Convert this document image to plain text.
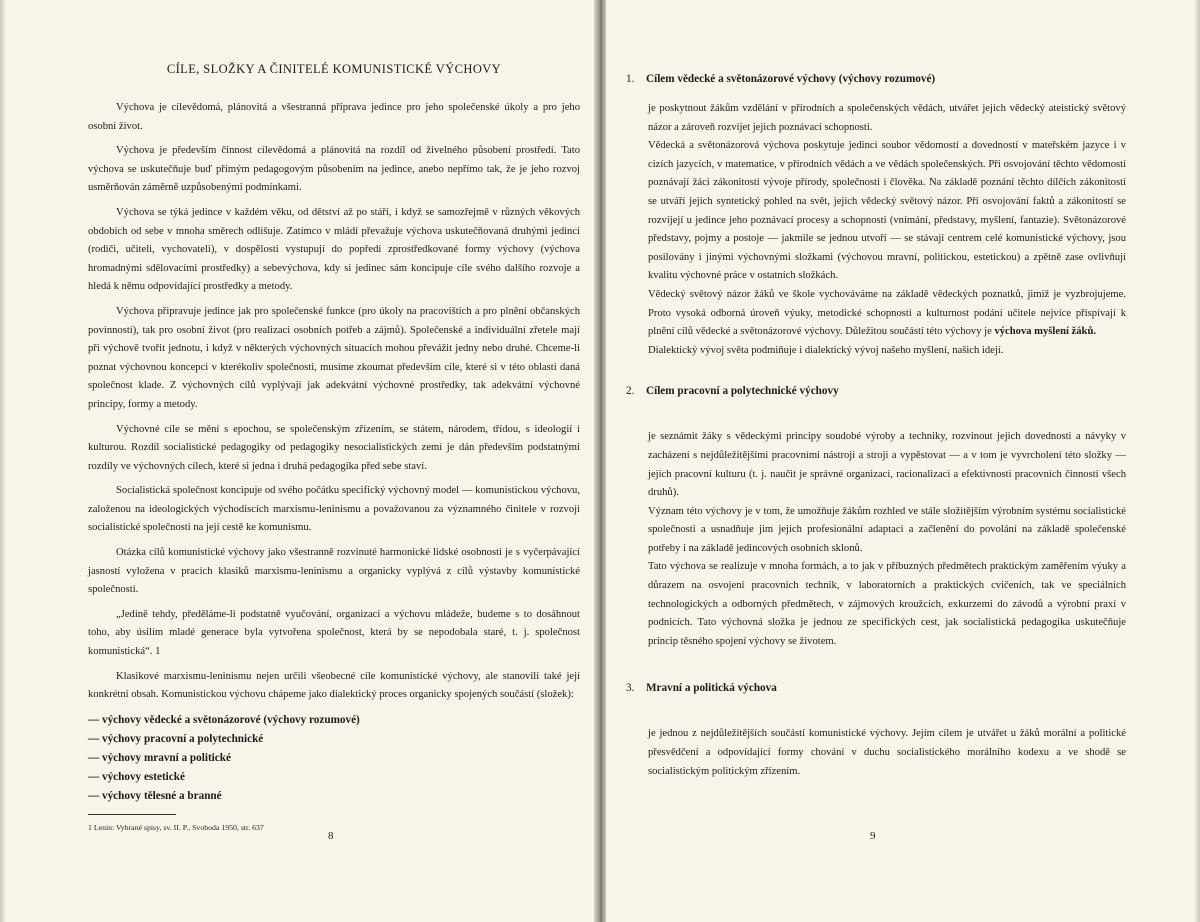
CÍLE, SLOŽKY A ČINITELÉ KOMUNISTICKÉ VÝCHOVY

Výchova je cílevědomá, plánovitá a všestranná příprava jedince pro jeho společenské úkoly a pro jeho osobní život.

Výchova je především činnost cílevědomá a plánovitá na rozdíl od živelného působení prostředí. Tato výchova se uskutečňuje buď přímým pedagogovým působením na jedince, anebo nepřímo tak, že je jeho rozvoj usměrňován záměrně uzpůsobenými podmínkami.

Výchova se týká jedince v každém věku, od dětství až po stáří, i když se samozřejmě v různých věkových obdobích od sebe v mnoha směrech odlišuje. Zatímco v mládí převažuje výchova uskutečňovaná druhými jedinci (rodiči, učiteli, vychovateli), v dospělosti vystupují do popředí zprostředkované formy výchovy (výchova hromadnými sdělovacími prostředky) a sebevýchova, kdy si jedinec sám koncipuje cíle svého dalšího rozvoje a hledá k němu odpovídající prostředky a metody.

Výchova připravuje jedince jak pro společenské funkce (pro úkoly na pracovištích a pro plnění občanských povinností), tak pro osobní život (pro realizaci osobních potřeb a zájmů). Společenské a individuální zřetele mají při výchově tvořit jednotu, i když v některých výchovných situacích mohou převážit jedny nebo druhé. Chceme-li poznat výchovnou koncepci v kterékoliv společnosti, musíme zkoumat především cíle, které si v této oblasti daná společnost klade. Z výchovných cílů vyplývají jak adekvátní výchovné prostředky, tak adekvátní výchovné principy, formy a metody.

Výchovné cíle se mění s epochou, se společenským zřízením, se státem, národem, třídou, s ideologií i kulturou. Rozdíl socialistické pedagogiky od pedagogiky nesocialistických zemí je dán především podstatnými rozdíly ve výchovných cílech, které si jedna i druhá pedagogika před sebe staví.

Socialistická společnost koncipuje od svého počátku specifický výchovný model — komunistickou výchovu, založenou na ideologických východiscích marxismu-leninismu a považovanou za významného činitele v rozvoji socialistické společnosti na její cestě ke komunismu.

Otázka cílů komunistické výchovy jako všestranně rozvinuté harmonické lidské osobnosti je s vyčerpávající jasností vyložena v pracích klasiků marxismu-leninismu a organicky vyplývá z cílů výstavby komunistické společnosti.

„Jedině tehdy, předěláme-li podstatně vyučování, organizaci a výchovu mládeže, budeme s to dosáhnout toho, aby úsilím mladé generace byla vytvořena společnost, která by se nepodobala staré, t. j. společnost komunistická“. 1

Klasikové marxismu-leninismu nejen určili všeobecné cíle komunistické výchovy, ale stanovili také její konkrétní obsah. Komunistickou výchovu chápeme jako dialektický proces organicky spojených součástí (složek):

— výchovy vědecké a světonázorové (výchovy rozumové)
— výchovy pracovní a polytechnické
— výchovy mravní a politické
— výchovy estetické
— výchovy tělesné a branné
1 Lenin: Vybrané spisy, sv. II. P., Svoboda 1950, str. 637
8
1. Cílem vědecké a světonázorové výchovy (výchovy rozumové)

je poskytnout žákům vzdělání v přírodních a společenských vědách, utvářet jejich vědecký ateistický světový názor a zároveň rozvíjet jejich poznávací schopnosti.

Vědecká a světonázorová výchova poskytuje jedinci soubor vědomostí a dovedností v mateřském jazyce i v cizích jazycích, v matematice, v přírodních vědách a ve vědách společenských. Při osvojování těchto vědomostí poznávají žáci zákonitosti vývoje přírody, společnosti i člověka. Na základě poznání těchto dílčích zákonitostí se utváří jejich syntetický pohled na svět, jejich vědecký světový názor. Při osvojování faktů a zákonitostí se rozvíjejí u jedince jeho poznávací procesy a schopnosti (vnímání, představy, myšlení, fantazie). Světonázorové představy, pojmy a postoje — jakmile se jednou utvoří — se stávají centrem celé komunistické výchovy, jsou posilovány i jinými výchovnými složkami (výchovou mravní, politickou, estetickou) a zpětně zase ovlivňují kvalitu výchovné práce v ostatních složkách.

Vědecký světový názor žáků ve škole vychováváme na základě vědeckých poznatků, jimiž je vyzbrojujeme. Proto vysoká odborná úroveň výuky, metodické schopnosti a kulturnost podání učitele nejvíce přispívají k plnění cílů vědecké a světonázorové výchovy. Důležitou součástí této výchovy je výchova myšlení žáků.

Dialektický vývoj světa podmiňuje i dialektický vývoj našeho myšlení, našich idejí.

2. Cílem pracovní a polytechnické výchovy

je seznámit žáky s vědeckými principy soudobé výroby a techniky, rozvinout jejich dovednosti a návyky v zacházení s nejdůležitějšími pracovními nástroji a stroji a vypěstovat — a v tom je vyvrcholení této složky — jejich pracovní kulturu (t. j. naučit je správné organizaci, racionalizaci a efektivnosti pracovních činností všech druhů).

Význam této výchovy je v tom, že umožňuje žákům rozhled ve stále složitějším výrobním systému socialistické společnosti a usnadňuje jim jejich profesionální adaptaci a začlenění do povolání na základě společenské potřeby i na základě jedincových osobních sklonů.

Tato výchova se realizuje v mnoha formách, a to jak v příbuzných předmětech praktickým zaměřením výuky a důrazem na osvojení pracovních technik, v laboratorních a praktických cvičeních, tak ve speciálních technologických a odborných předmětech, v zájmových kroužcích, exkurzemi do závodů a výrobní praxí v podnicích. Tato výchovná složka je jednou ze specifických cest, jak socialistická pedagogika uskutečňuje princip těsného spojení výchovy se životem.

3. Mravní a politická výchova

je jednou z nejdůležitějších součástí komunistické výchovy. Jejím cílem je utvářet u žáků morální a politické přesvědčení a odpovídající formy chování v duchu socialistického morálního kodexu a ve shodě se socialistickým politickým zřízením.

9
